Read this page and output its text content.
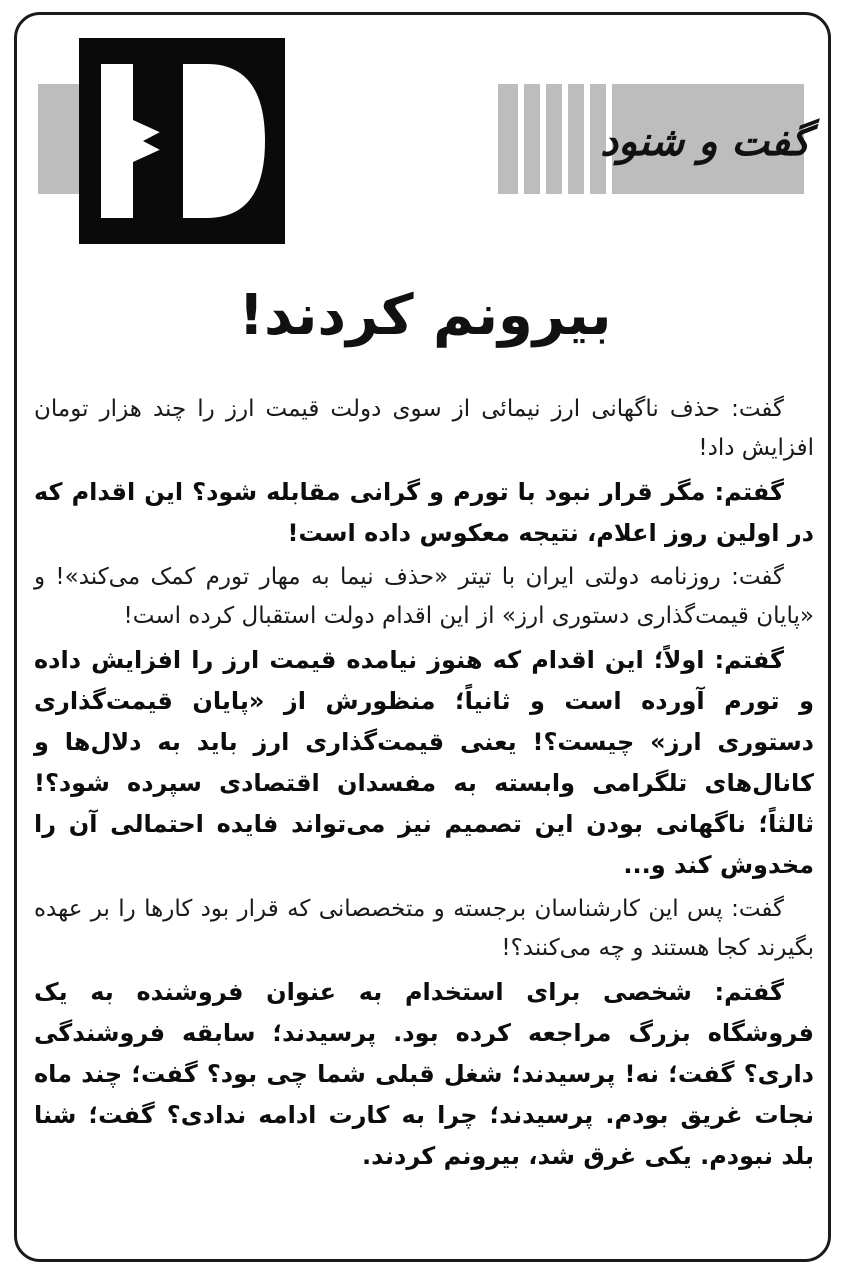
گفت و شنود
بیرونم کردند!

گفت: حذف ناگهانی ارز نیمائی از سوی دولت قیمت ارز را چند هزار تومان افزایش داد!

گفتم: مگر قرار نبود با تورم و گرانی مقابله شود؟ این اقدام که در اولین روز اعلام، نتیجه معکوس داده است!

گفت: روزنامه دولتی ایران با تیتر «حذف نیما به مهار تورم کمک می‌کند»! و «پایان قیمت‌گذاری دستوری ارز» از این اقدام دولت استقبال کرده است!

گفتم: اولاً؛ این اقدام که هنوز نیامده قیمت ارز را افزایش داده و تورم آورده است و ثانیاً؛ منظورش از «پایان قیمت‌گذاری دستوری ارز» چیست؟! یعنی قیمت‌گذاری ارز باید به دلال‌ها و کانال‌های تلگرامی وابسته به مفسدان اقتصادی سپرده شود؟! ثالثاً؛ ناگهانی بودن این تصمیم نیز می‌تواند فایده احتمالی آن را مخدوش کند و...

گفت: پس این کارشناسان برجسته و متخصصانی که قرار بود کارها را بر عهده بگیرند کجا هستند و چه می‌کنند؟!

گفتم: شخصی برای استخدام به عنوان فروشنده به یک فروشگاه بزرگ مراجعه کرده بود. پرسیدند؛ سابقه فروشندگی داری؟ گفت؛ نه! پرسیدند؛ شغل قبلی شما چی بود؟ گفت؛ چند ماه نجات غریق بودم. پرسیدند؛ چرا به کارت ادامه ندادی؟ گفت؛ شنا بلد نبودم. یکی غرق شد، بیرونم کردند.
